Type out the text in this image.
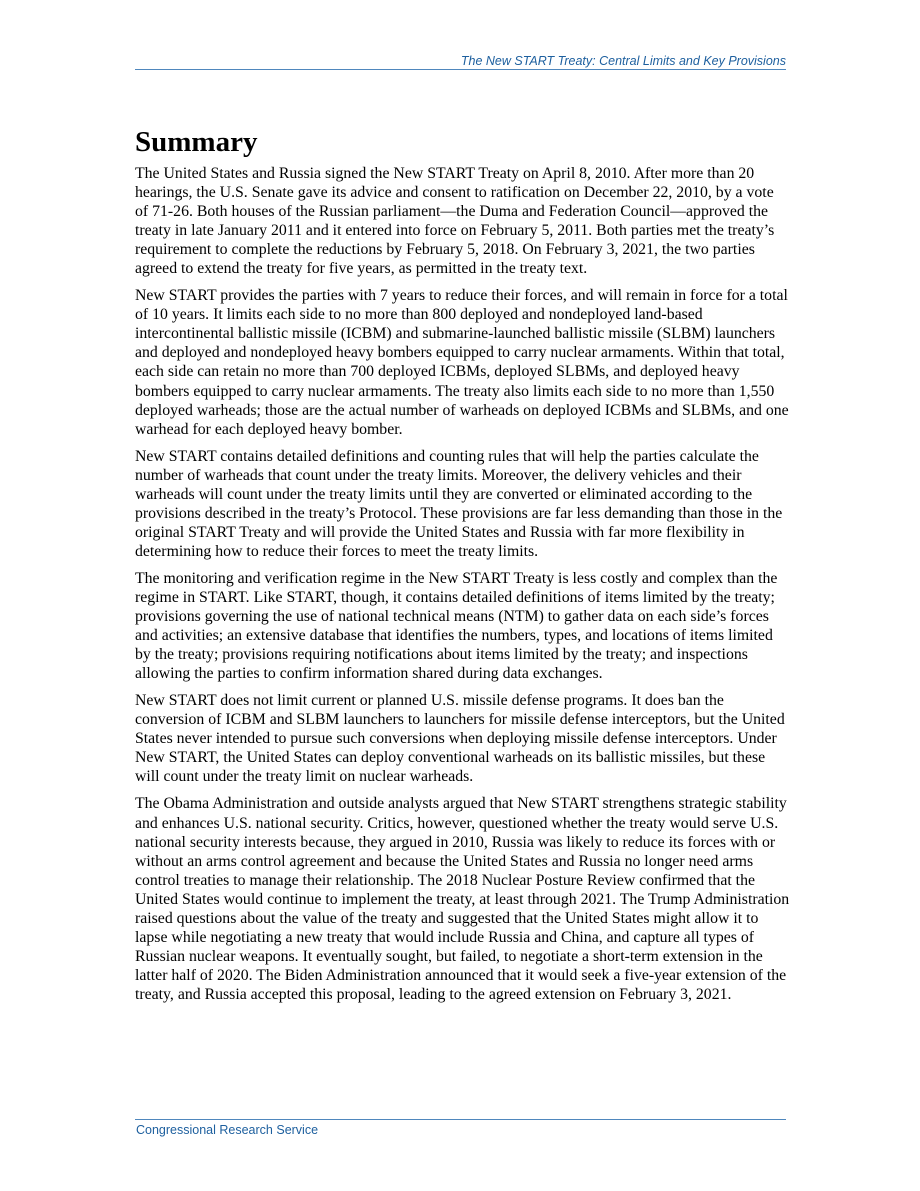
The New START Treaty: Central Limits and Key Provisions
Summary

The United States and Russia signed the New START Treaty on April 8, 2010. After more than 20 hearings, the U.S. Senate gave its advice and consent to ratification on December 22, 2010, by a vote of 71-26. Both houses of the Russian parliament—the Duma and Federation Council—approved the treaty in late January 2011 and it entered into force on February 5, 2011. Both parties met the treaty’s requirement to complete the reductions by February 5, 2018. On February 3, 2021, the two parties agreed to extend the treaty for five years, as permitted in the treaty text.

New START provides the parties with 7 years to reduce their forces, and will remain in force for a total of 10 years. It limits each side to no more than 800 deployed and nondeployed land-based intercontinental ballistic missile (ICBM) and submarine-launched ballistic missile (SLBM) launchers and deployed and nondeployed heavy bombers equipped to carry nuclear armaments. Within that total, each side can retain no more than 700 deployed ICBMs, deployed SLBMs, and deployed heavy bombers equipped to carry nuclear armaments. The treaty also limits each side to no more than 1,550 deployed warheads; those are the actual number of warheads on deployed ICBMs and SLBMs, and one warhead for each deployed heavy bomber.

New START contains detailed definitions and counting rules that will help the parties calculate the number of warheads that count under the treaty limits. Moreover, the delivery vehicles and their warheads will count under the treaty limits until they are converted or eliminated according to the provisions described in the treaty’s Protocol. These provisions are far less demanding than those in the original START Treaty and will provide the United States and Russia with far more flexibility in determining how to reduce their forces to meet the treaty limits.

The monitoring and verification regime in the New START Treaty is less costly and complex than the regime in START. Like START, though, it contains detailed definitions of items limited by the treaty; provisions governing the use of national technical means (NTM) to gather data on each side’s forces and activities; an extensive database that identifies the numbers, types, and locations of items limited by the treaty; provisions requiring notifications about items limited by the treaty; and inspections allowing the parties to confirm information shared during data exchanges.

New START does not limit current or planned U.S. missile defense programs. It does ban the conversion of ICBM and SLBM launchers to launchers for missile defense interceptors, but the United States never intended to pursue such conversions when deploying missile defense interceptors. Under New START, the United States can deploy conventional warheads on its ballistic missiles, but these will count under the treaty limit on nuclear warheads.

The Obama Administration and outside analysts argued that New START strengthens strategic stability and enhances U.S. national security. Critics, however, questioned whether the treaty would serve U.S. national security interests because, they argued in 2010, Russia was likely to reduce its forces with or without an arms control agreement and because the United States and Russia no longer need arms control treaties to manage their relationship. The 2018 Nuclear Posture Review confirmed that the United States would continue to implement the treaty, at least through 2021. The Trump Administration raised questions about the value of the treaty and suggested that the United States might allow it to lapse while negotiating a new treaty that would include Russia and China, and capture all types of Russian nuclear weapons. It eventually sought, but failed, to negotiate a short-term extension in the latter half of 2020. The Biden Administration announced that it would seek a five-year extension of the treaty, and Russia accepted this proposal, leading to the agreed extension on February 3, 2021.

Congressional Research Service
